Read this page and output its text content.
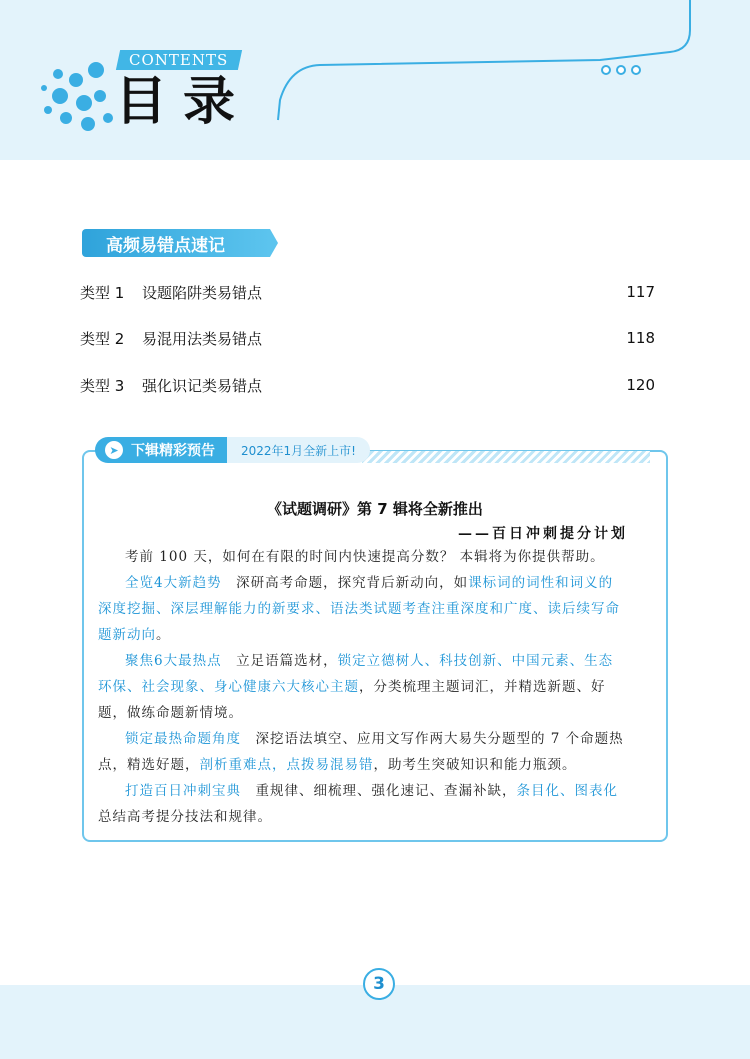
CONTENTS
目录
高频易错点速记
类型 1	设题陷阱类易错点	117
类型 2	易混用法类易错点	118
类型 3	强化识记类易错点	120
➤ 下辑精彩预告	2022年1月全新上市!
《试题调研》第 7 辑将全新推出
——百日冲刺提分计划

考前 100 天，如何在有限的时间内快速提高分数？ 本辑将为你提供帮助。

全览4大新趋势　深研高考命题，探究背后新动向，如课标词的词性和词义的深度挖掘、深层理解能力的新要求、语法类试题考查注重深度和广度、读后续写命题新动向。

聚焦6大最热点　立足语篇选材，锁定立德树人、科技创新、中国元素、生态环保、社会现象、身心健康六大核心主题，分类梳理主题词汇，并精选新题、好题，做练命题新情境。

锁定最热命题角度　深挖语法填空、应用文写作两大易失分题型的 7 个命题热点，精选好题，剖析重难点，点拨易混易错，助考生突破知识和能力瓶颈。

打造百日冲刺宝典　重规律、细梳理、强化速记、查漏补缺，条目化、图表化总结高考提分技法和规律。

3
